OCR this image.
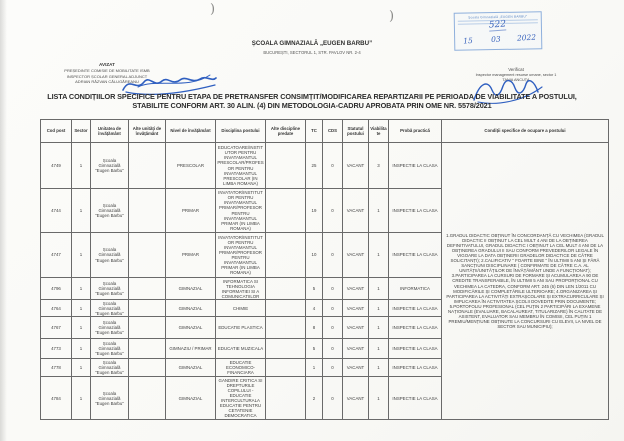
)	)	Școala Gimnazială „EUGEN BARBU”
522
15 03 2022
ȘCOALA GIMNAZIALĂ „EUGEN BARBU”
BUCUREȘTI, SECTORUL 1, STR. PAVLOV NR. 2-4
AVIZAT
PREȘEDINTE COMISIE DE MOBILITATE ISMB
INSPECTOR ȘCOLAR GENERAL ADJUNCT
ADRIAN RĂZVAN CĂLUGĂREANU
Verificat
Inspector management resurse umane, sector 1
TANIA ANCUȚA
LISTA CONDIȚIILOR SPECIFICE PENTRU ETAPA DE PRETRANSFER CONSIMȚIT/MODIFICAREA REPARTIZARII PE PERIOADA DE VIABILITATE A POSTULUI,
STABILITE CONFORM ART. 30 ALIN. (4) DIN METODOLOGIA-CADRU APROBATA PRIN OME NR. 5578/2021
Cod post	Sector	Unitatea de învățământ	Alte unități de învățământ	Nivel de învățământ	Disciplina postului	Alte discipline predate	TC	CDS	Statutul postului	Viabilitate	Probă practică	Condiții specifice de ocupare a postului
4749	1	Școala Gimnazială "Eugen Barbu"		PRESCOLAR	EDUCATOARE/INSTITUTOR PENTRU INVATAMANTUL PRESCOLAR/PROFESOR PENTRU INVATAMANTUL PRESCOLAR (IN LIMBA ROMANA)		25	0	VACANT	3	INSPECTIE LA CLASA	1.GRADUL DIDACTIC OBȚINUT ÎN CONCORDANȚĂ CU VECHIMEA (GRADUL DIDACTIC II OBȚINUT LA CEL MULT 4 ANI DE LA OBȚINEREA DEFINITIVATULUI, GRADUL DIDACTIC I OBȚINUT LA CEL MULT 4 ANI DE LA OBȚINEREA GRADULUI II SAU CONFORM PREVEDERILOR LEGALE ÎN VIGOARE LA DATA OBȚINERII GRADELOR DIDACTICE DE CĂTRE SOLICITANȚI); 2.CALIFICATIV " FOARTE BINE " ÎN ULTIMII 5 ANI ȘI FĂRĂ SANCȚIUNI DISCIPLINARE ( CONFIRMATE DE CĂTRE C.A. AL UNITĂȚII/UNITĂȚILOR DE ÎNVĂȚĂMÂNT UNDE A FUNCȚIONAT); 3.PARTICIPAREA LA CURSURI DE FORMARE ȘI ACUMULAREA A 90 DE CREDITE TRANSFERABILE, ÎN ULTIMII 5 ANI SAU PROPORȚIONAL CU VECHIMEA LA CATEDRA, CONFORM ART. 245 (6) DIN LEN 1/2011 CU MODIFICĂRILE ȘI COMPLETĂRILE ULTERIOARE; 4.ORGANIZAREA ȘI PARTICIPAREA LA ACTIVITĂȚI EXTRAȘCOLARE ȘI EXTRACURRICULARE ȘI IMPLICAREA ÎN ACTIVITATEA ȘCOLII DOVEDITE PRIN DOCUMENTE; 5.PORTOFOLIU PROFESIONAL (CEL PUȚIN 2 PARTICIPĂRI LA EXAMENE NAȚIONALE (EVALUARE, BACALAUREAT, TITULARIZARE) ÎN CALITATE DE ASISTENT, EVALUATOR SAU MEMBRU ÎN COMISII, CEL PUȚIN 1 PREMIU/MENȚIUNE OBȚINUTE LA CONCURSURI CU ELEVII, LA NIVEL DE SECTOR SAU MUNICIPIU);
4744	1	Școala Gimnazială "Eugen Barbu"		PRIMAR	INVATATOR/INSTITUTOR PENTRU INVATAMANTUL PRIMAR/PROFESOR PENTRU INVATAMANTUL PRIMAR (IN LIMBA ROMANA)		19	0	VACANT	1	INSPECTIE LA CLASA	
4747	1	Școala Gimnazială "Eugen Barbu"		PRIMAR	INVATATOR/INSTITUTOR PENTRU INVATAMANTUL PRIMAR/PROFESOR PENTRU INVATAMANTUL PRIMAR (IN LIMBA ROMANA)		10	0	VACANT	1	INSPECTIE LA CLASA	
4796	1	Școala Gimnazială "Eugen Barbu"		GIMNAZIAL	INFORMATICA SI TEHNOLOGIA INFORMATIEI SI A COMUNICATIILOR		5	0	VACANT	1	INFORMATICA	
4764	1	Școala Gimnazială "Eugen Barbu"		GIMNAZIAL	CHIMIE		4	0	VACANT	1	INSPECTIE LA CLASA	
4767	1	Școala Gimnazială "Eugen Barbu"		GIMNAZIAL	EDUCATIE PLASTICA		8	0	VACANT	1	INSPECTIE LA CLASA	
4773	1	Școala Gimnazială "Eugen Barbu"		GIMNAZIU / PRIMAR	EDUCATIE MUZICALA		5	0	VACANT	1	INSPECTIE LA CLASA	
4778	1	Școala Gimnazială "Eugen Barbu"		GIMNAZIAL	EDUCATIE ECONOMICO-FINANCIARA		1	0	VACANT	1	INSPECTIE LA CLASA	
4784	1	Școala Gimnazială "Eugen Barbu"		GIMNAZIAL	GANDIRE CRITICA SI DREPTURILE COPILULUI - EDUCATIE INTERCULTURALA EDUCATIE PENTRU CETATENIE DEMOCRATICA		2	0	VACANT	1	INSPECTIE LA CLASA	
